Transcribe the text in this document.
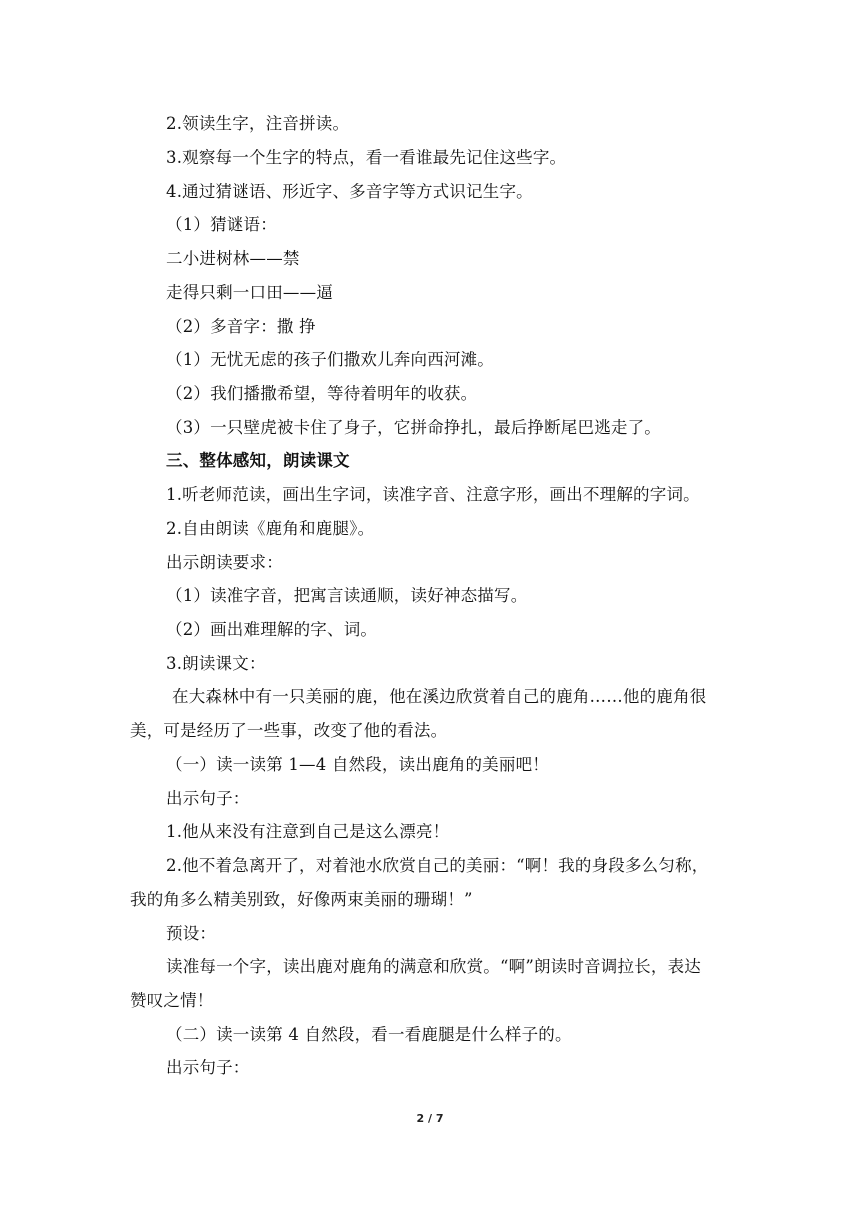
2.领读生字，注音拼读。
3.观察每一个生字的特点，看一看谁最先记住这些字。
4.通过猜谜语、形近字、多音字等方式识记生字。
（1）猜谜语：
二小进树林——禁
走得只剩一口田——逼
（2）多音字：撒 挣
（1）无忧无虑的孩子们撒欢儿奔向西河滩。
（2）我们播撒希望，等待着明年的收获。
（3）一只壁虎被卡住了身子，它拼命挣扎，最后挣断尾巴逃走了。
三、整体感知，朗读课文
1.听老师范读，画出生字词，读准字音、注意字形，画出不理解的字词。
2.自由朗读《鹿角和鹿腿》。
出示朗读要求：
（1）读准字音，把寓言读通顺，读好神态描写。
（2）画出难理解的字、词。
3.朗读课文：
在大森林中有一只美丽的鹿，他在溪边欣赏着自己的鹿角……他的鹿角很
美，可是经历了一些事，改变了他的看法。
（一）读一读第 1—4 自然段，读出鹿角的美丽吧！
出示句子：
1.他从来没有注意到自己是这么漂亮！
2.他不着急离开了，对着池水欣赏自己的美丽：“啊！我的身段多么匀称，
我的角多么精美别致，好像两束美丽的珊瑚！”
预设：
读准每一个字，读出鹿对鹿角的满意和欣赏。“啊”朗读时音调拉长，表达
赞叹之情！
（二）读一读第 4 自然段，看一看鹿腿是什么样子的。
出示句子：
2 / 7
